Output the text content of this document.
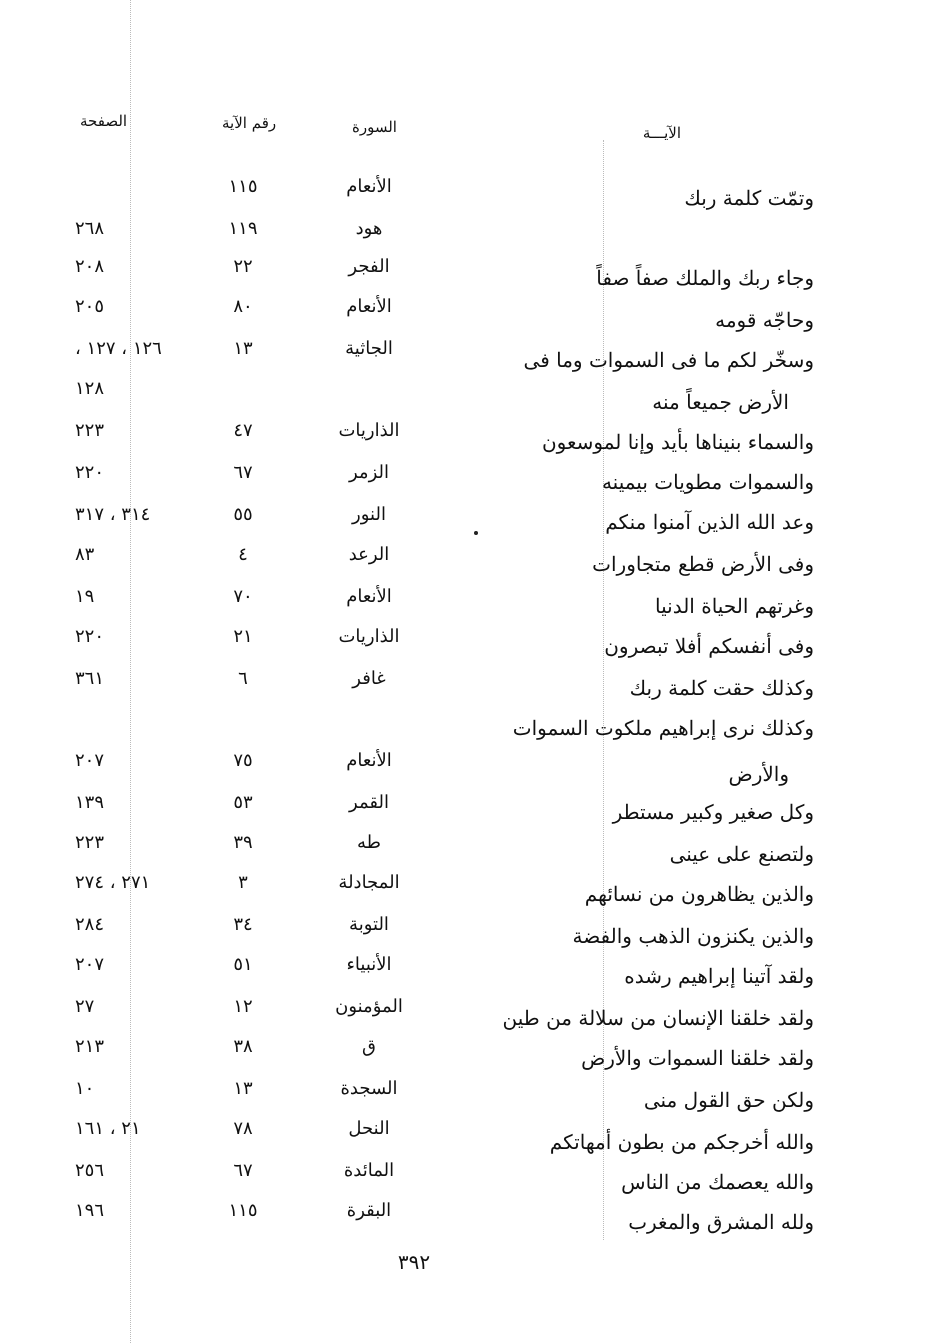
الآيـــة
السورة
رقم الآية
الصفحة
وتمّت كلمة ربك
الأنعام
١١٥
هود
١١٩
٢٦٨
وجاء ربك والملك صفاً صفاً
الفجر
٢٢
٢٠٨
وحاجّه قومه
الأنعام
٨٠
٢٠٥
وسخّر لكم ما فى السموات وما فى
الجاثية
١٣
١٢٦ ، ١٢٧ ،
الأرض جميعاً منه
١٢٨
والسماء بنيناها بأيد وإنا لموسعون
الذاريات
٤٧
٢٢٣
والسموات مطويات بيمينه
الزمر
٦٧
٢٢٠
وعد الله الذين آمنوا منكم
النور
٥٥
٣١٤ ، ٣١٧
وفى الأرض قطع متجاورات
الرعد
٤
٨٣
وغرتهم الحياة الدنيا
الأنعام
٧٠
١٩
وفى أنفسكم أفلا تبصرون
الذاريات
٢١
٢٢٠
وكذلك حقت كلمة ربك
غافر
٦
٣٦١
وكذلك نرى إبراهيم ملكوت السموات
والأرض
الأنعام
٧٥
٢٠٧
وكل صغير وكبير مستطر
القمر
٥٣
١٣٩
ولتصنع على عينى
طه
٣٩
٢٢٣
والذين يظاهرون من نسائهم
المجادلة
٣
٢٧١ ، ٢٧٤
والذين يكنزون الذهب والفضة
التوبة
٣٤
٢٨٤
ولقد آتينا إبراهيم رشده
الأنبياء
٥١
٢٠٧
ولقد خلقنا الإنسان من سلالة من طين
المؤمنون
١٢
٢٧
ولقد خلقنا السموات والأرض
ق
٣٨
٢١٣
ولكن حق القول منى
السجدة
١٣
١٠
والله أخرجكم من بطون أمهاتكم
النحل
٧٨
٢١ ، ١٦١
والله يعصمك من الناس
المائدة
٦٧
٢٥٦
ولله المشرق والمغرب
البقرة
١١٥
١٩٦
٣٩٢
